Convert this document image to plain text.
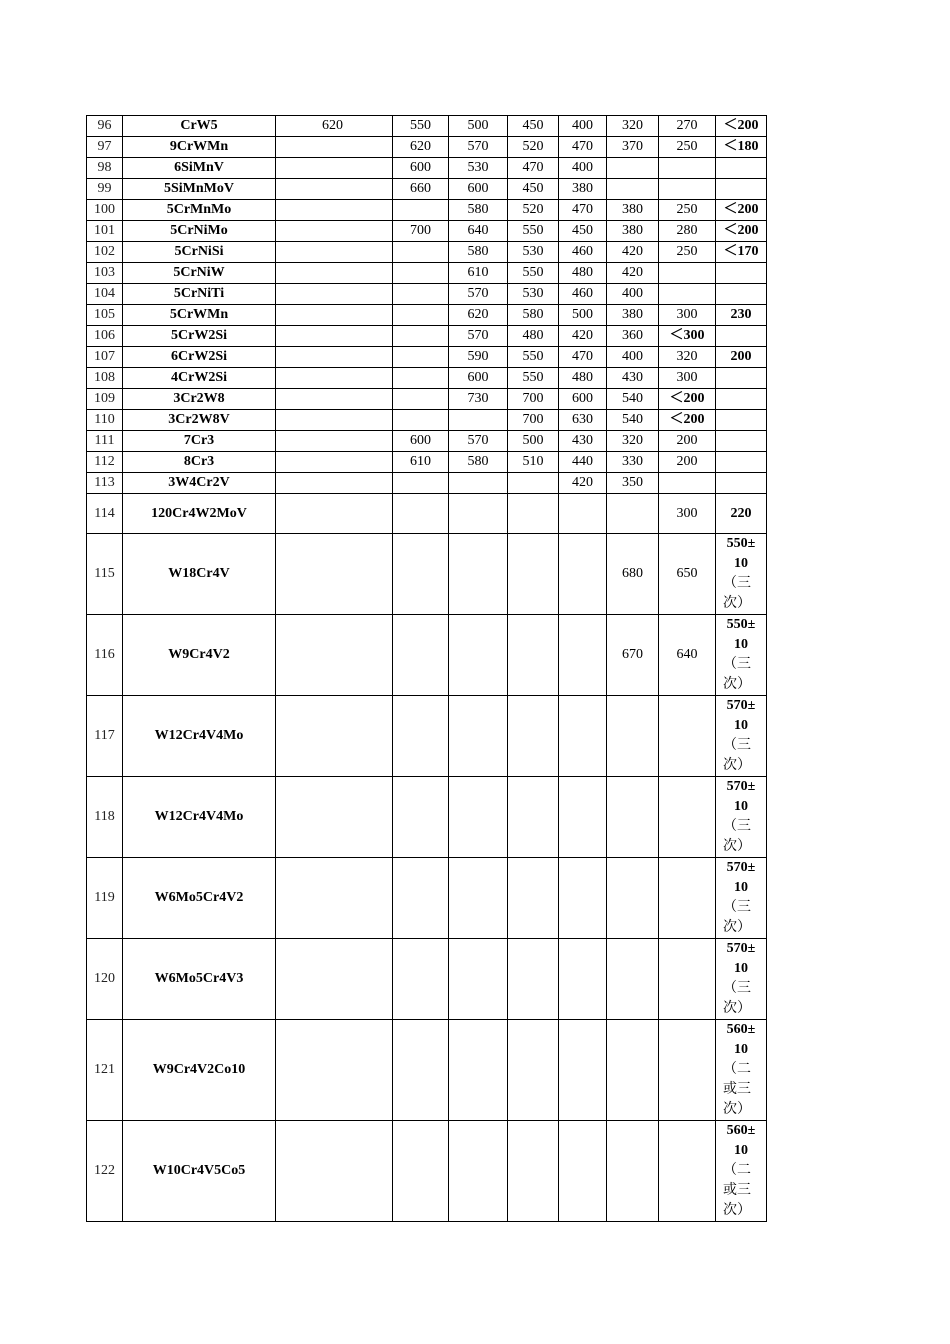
96	CrW5	620	550	500	450	400	320	270	＜200
97	9CrWMn		620	570	520	470	370	250	＜180
98	6SiMnV		600	530	470	400			
99	5SiMnMoV		660	600	450	380			
100	5CrMnMo			580	520	470	380	250	＜200
101	5CrNiMo		700	640	550	450	380	280	＜200
102	5CrNiSi			580	530	460	420	250	＜170
103	5CrNiW			610	550	480	420		
104	5CrNiTi			570	530	460	400		
105	5CrWMn			620	580	500	380	300	230
106	5CrW2Si			570	480	420	360	＜300	
107	6CrW2Si			590	550	470	400	320	200
108	4CrW2Si			600	550	480	430	300	
109	3Cr2W8			730	700	600	540	＜200	
110	3Cr2W8V				700	630	540	＜200	
111	7Cr3		600	570	500	430	320	200	
112	8Cr3		610	580	510	440	330	200	
113	3W4Cr2V					420	350		
114	120Cr4W2MoV							300	220
115	W18Cr4V						680	650	550±
10
（三
次）

116	W9Cr4V2						670	640	550±
10
（三
次）

117	W12Cr4V4Mo								570±
10
（三
次）

118	W12Cr4V4Mo								570±
10
（三
次）

119	W6Mo5Cr4V2								570±
10
（三
次）

120	W6Mo5Cr4V3								570±
10
（三
次）

121	W9Cr4V2Co10								560±
10
（二
或三
次）

122	W10Cr4V5Co5								560±
10
（二
或三
次）
